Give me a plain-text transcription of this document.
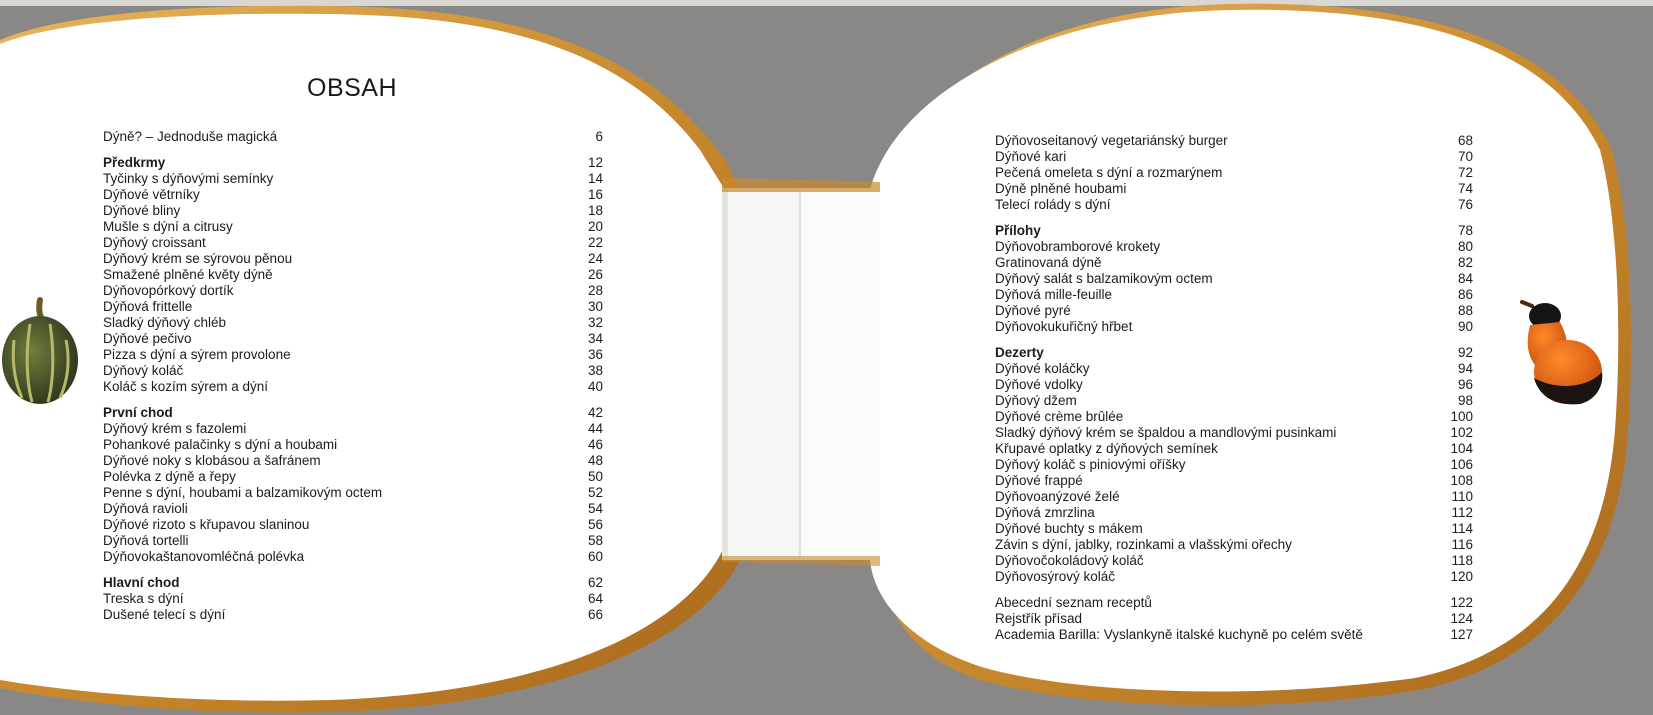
OBSAH
Dýně? – Jednoduše magická	6
Předkrmy	12
Tyčinky s dýňovými semínky	14
Dýňové větrníky	16
Dýňové bliny	18
Mušle s dýní a citrusy	20
Dýňový croissant	22
Dýňový krém se sýrovou pěnou	24
Smažené plněné květy dýně	26
Dýňovopórkový dortík	28
Dýňová frittelle	30
Sladký dýňový chléb	32
Dýňové pečivo	34
Pizza s dýní a sýrem provolone	36
Dýňový koláč	38
Koláč s kozím sýrem a dýní	40
První chod	42
Dýňový krém s fazolemi	44
Pohankové palačinky s dýní a houbami	46
Dýňové noky s klobásou a šafránem	48
Polévka z dýně a řepy	50
Penne s dýní, houbami a balzamikovým octem	52
Dýňová ravioli	54
Dýňové rizoto s křupavou slaninou	56
Dýňová tortelli	58
Dýňovokaštanovomléčná polévka	60
Hlavní chod	62
Treska s dýní	64
Dušené telecí s dýní	66
Dýňovoseitanový vegetariánský burger	68
Dýňové kari	70
Pečená omeleta s dýní a rozmarýnem	72
Dýně plněné houbami	74
Telecí rolády s dýní	76
Přílohy	78
Dýňovobramborové krokety	80
Gratinovaná dýně	82
Dýňový salát s balzamikovým octem	84
Dýňová mille-feuille	86
Dýňové pyré	88
Dýňovokukuřičný hřbet	90
Dezerty	92
Dýňové koláčky	94
Dýňové vdolky	96
Dýňový džem	98
Dýňové crème brûlée	100
Sladký dýňový krém se špaldou a mandlovými pusinkami	102
Křupavé oplatky z dýňových semínek	104
Dýňový koláč s piniovými oříšky	106
Dýňové frappé	108
Dýňovoanýzové želé	110
Dýňová zmrzlina	112
Dýňové buchty s mákem	114
Závin s dýní, jablky, rozinkami a vlašskými ořechy	116
Dýňovočokoládový koláč	118
Dýňovosýrový koláč	120
Abecední seznam receptů	122
Rejstřík přísad	124
Academia Barilla: Vyslankyně italské kuchyně po celém světě	127
